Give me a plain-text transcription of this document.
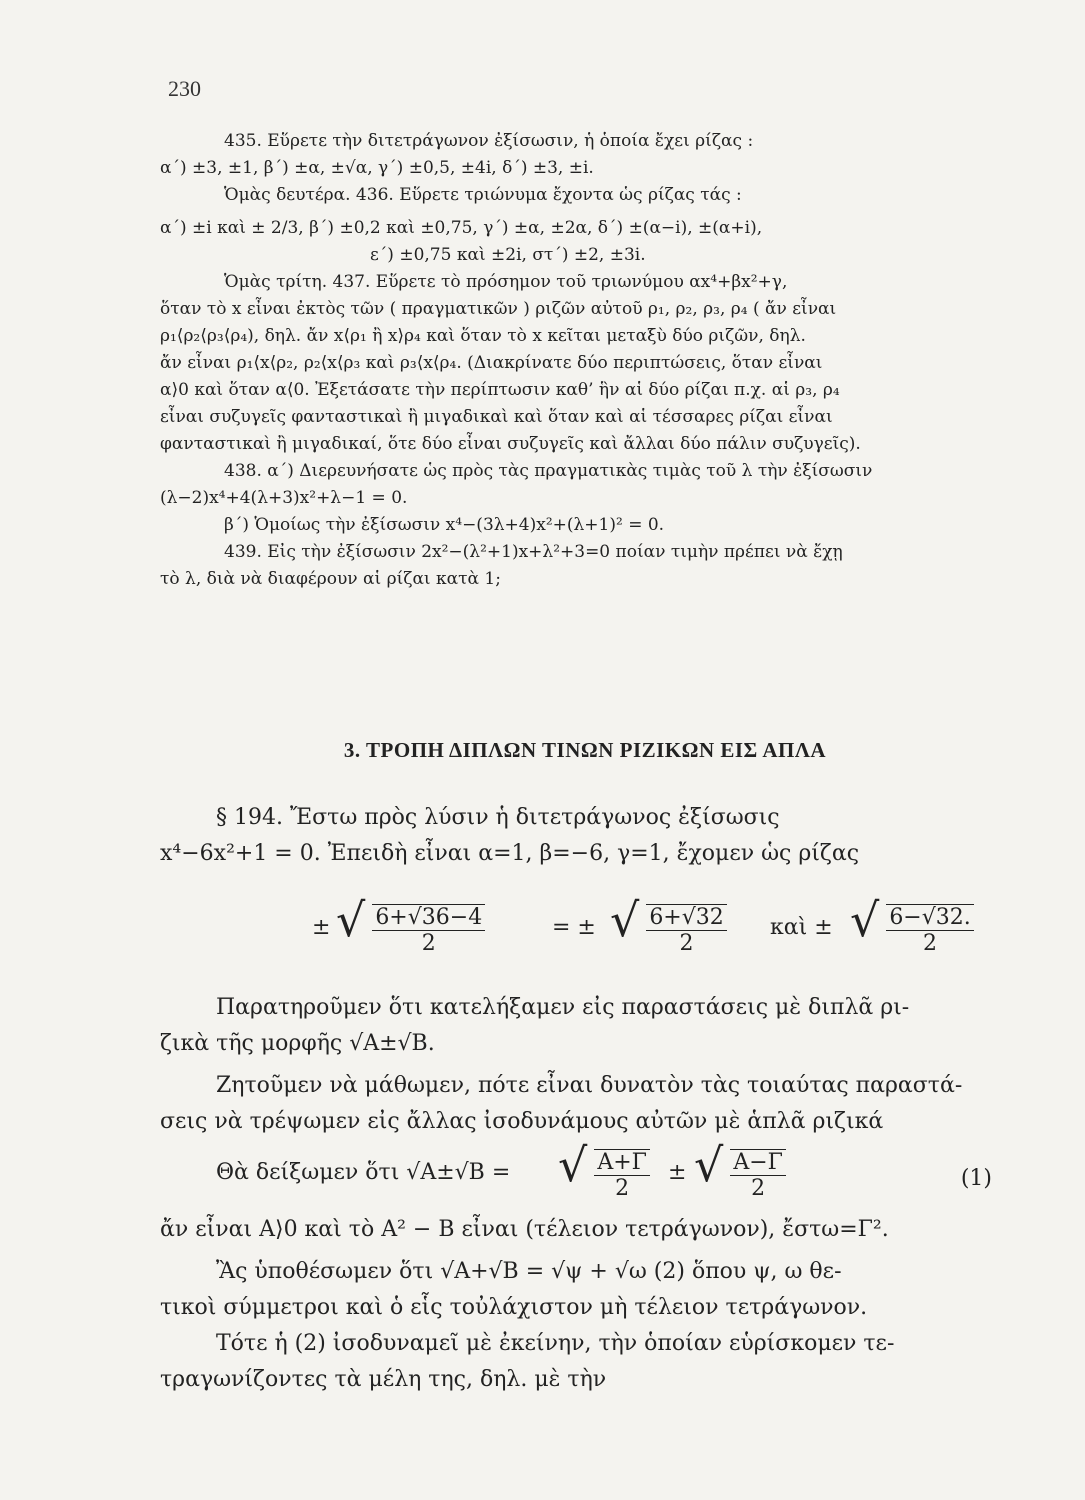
230

435. Εὕρετε τὴν διτετράγωνον ἐξίσωσιν, ἡ ὁποία ἔχει ρίζας :

α΄) ±3, ±1, β΄) ±α, ±√α, γ΄) ±0,5, ±4i, δ΄) ±3, ±i.

Ὁμὰς δευτέρα. 436. Εὕρετε τριώνυμα ἔχοντα ὡς ρίζας τάς :

α΄) ±i καὶ ± 2/3, β΄) ±0,2 καὶ ±0,75, γ΄) ±α, ±2α, δ΄) ±(α−i), ±(α+i),

ε΄) ±0,75 καὶ ±2i, στ΄) ±2, ±3i.

Ὁμὰς τρίτη. 437. Εὕρετε τὸ πρόσημον τοῦ τριωνύμου αx⁴+βx²+γ,

ὅταν τὸ x εἶναι ἐκτὸς τῶν ( πραγματικῶν ) ριζῶν αὐτοῦ ρ₁, ρ₂, ρ₃, ρ₄ ( ἄν εἶναι

ρ₁⟨ρ₂⟨ρ₃⟨ρ₄), δηλ. ἄν x⟨ρ₁ ἢ x⟩ρ₄ καὶ ὅταν τὸ x κεῖται μεταξὺ δύο ριζῶν, δηλ.

ἄν εἶναι ρ₁⟨x⟨ρ₂, ρ₂⟨x⟨ρ₃ καὶ ρ₃⟨x⟨ρ₄. (Διακρίνατε δύο περιπτώσεις, ὅταν εἶναι

α⟩0 καὶ ὅταν α⟨0. Ἐξετάσατε τὴν περίπτωσιν καθ’ ἣν αἱ δύο ρίζαι π.χ. αἱ ρ₃, ρ₄

εἶναι συζυγεῖς φανταστικαὶ ἢ μιγαδικαὶ καὶ ὅταν καὶ αἱ τέσσαρες ρίζαι εἶναι

φανταστικαὶ ἢ μιγαδικαί, ὅτε δύο εἶναι συζυγεῖς καὶ ἄλλαι δύο πάλιν συζυγεῖς).

438. α΄) Διερευνήσατε ὡς πρὸς τὰς πραγματικὰς τιμὰς τοῦ λ τὴν ἐξίσωσιν

(λ−2)x⁴+4(λ+3)x²+λ−1 = 0.

β΄) Ὁμοίως τὴν ἐξίσωσιν x⁴−(3λ+4)x²+(λ+1)² = 0.

439. Εἰς τὴν ἐξίσωσιν 2x²−(λ²+1)x+λ²+3=0 ποίαν τιμὴν πρέπει νὰ ἔχῃ

τὸ λ, διὰ νὰ διαφέρουν αἱ ρίζαι κατὰ 1;

3. ΤΡΟΠΗ ΔΙΠΛΩΝ ΤΙΝΩΝ ΡΙΖΙΚΩΝ ΕΙΣ ΑΠΛΑ

§ 194. Ἔστω πρὸς λύσιν ἡ διτετράγωνος ἐξίσωσις

x⁴−6x²+1 = 0. Ἐπειδὴ εἶναι α=1, β=−6, γ=1, ἔχομεν ὡς ρίζας

± √ $\frac{6+√36-4}{2}$	= ± √ $\frac{6+√32}{2}$ καὶ ± √ $\frac{6-√32.}{2}$

Παρατηροῦμεν ὅτι κατελήξαμεν εἰς παραστάσεις μὲ διπλᾶ ρι-

ζικὰ τῆς μορφῆς √A±√B.

Ζητοῦμεν νὰ μάθωμεν, πότε εἶναι δυνατὸν τὰς τοιαύτας παραστά-

σεις νὰ τρέψωμεν εἰς ἄλλας ἰσοδυνάμους αὐτῶν μὲ ἁπλᾶ ριζικά

Θὰ δείξωμεν ὅτι √A±√B = √ $\frac{A+\Gamma}{2}$ ± √ $\frac{A-\Gamma}{2}$	(1)

ἄν εἶναι A⟩0 καὶ τὸ A² − B εἶναι (τέλειον τετράγωνον), ἔστω=Γ².

Ἂς ὑποθέσωμεν ὅτι √A+√B = √ψ + √ω (2) ὅπου ψ, ω θε-

τικοὶ σύμμετροι καὶ ὁ εἷς τοὐλάχιστον μὴ τέλειον τετράγωνον.

Τότε ἡ (2) ἰσοδυναμεῖ μὲ ἐκείνην, τὴν ὁποίαν εὑρίσκομεν τε-

τραγωνίζοντες τὰ μέλη της, δηλ. μὲ τὴν
